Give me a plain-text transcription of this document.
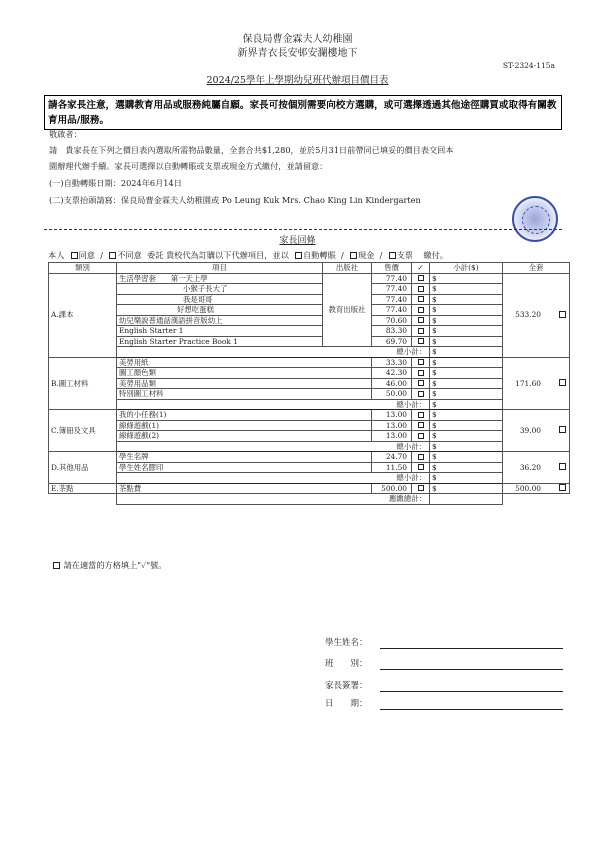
保良局曹金霖夫人幼稚園
新界青衣長安邨安瀾樓地下
ST-2324-115a
2024/25學年上學期幼兒班代辦項目價目表
請各家長注意，選購教育用品或服務純屬自願。家長可按個別需要向校方選購，或可選擇透過其他途徑購買或取得有關教育用品/服務。
敬啟者：
請　貴家長在下列之價目表內選取所需物品數量，全套合共$1,280，並於5月31日前帶同已填妥的價目表交回本
園辦理代辦手續。家長可選擇以自動轉賬或支票或現金方式繳付，並請留意：
(一)自動轉賬日期：2024年6月14日
(二)支票抬頭請寫：保良局曹金霖夫人幼稚園或 Po Leung Kuk Mrs. Chao King Lin Kindergarten
家長回條
本人 同意 / 不同意 委託 貴校代為訂購以下代辦項目，並以 自動轉賬 / 現金 / 支票 繳付。
類別	項目	出版社	售價	✓	小計($)	全套
A.課本	生活學習套　　第一天上學	教育出版社	77.40		$	533.20
	小猴子長大了		77.40		$	
	我是哥哥		77.40		$	
	好想吃蛋糕		77.40		$	
	幼兒樂說普通話漢語拼音版幼上		70.60		$	
	English Starter 1		83.30		$	
	English Starter Practice Book 1		69.70		$	
	總小計：				$	
B.圖工材料	美勞用紙		33.30		$	171.60
	圖工顏色類		42.30		$	
	美勞用品類		46.00		$	
	特別圖工材料		50.00		$	
	總小計：				$	
C.簿冊及文具	我的小任務(1)		13.00		$	39.00
	線條遊戲(1)		13.00		$	
	線條遊戲(2)		13.00		$	
	總小計：				$	
D.其他用品	學生名牌		24.70		$	36.20
	學生姓名膠印		11.50		$	
	總小計：				$	
E.茶點	茶點費		500.00		$	500.00
	應繳總計：					
請在適當的方格填上"✓"號。
學生姓名：
班　　別：
家長簽署：
日　　期：
